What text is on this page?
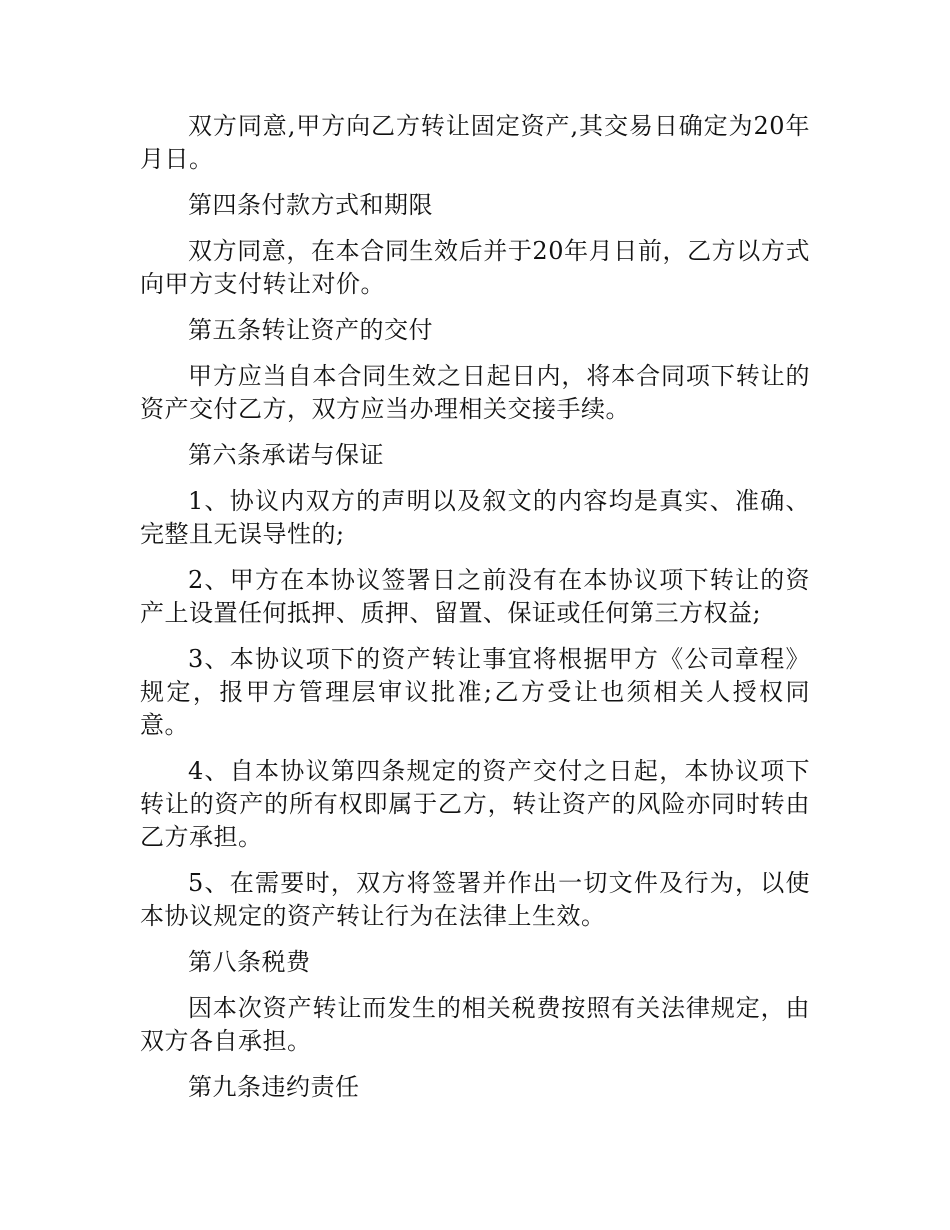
双方同意,甲方向乙方转让固定资产,其交易日确定为20年月日。

第四条付款方式和期限

双方同意，在本合同生效后并于20年月日前，乙方以方式向甲方支付转让对价。

第五条转让资产的交付

甲方应当自本合同生效之日起日内，将本合同项下转让的资产交付乙方，双方应当办理相关交接手续。

第六条承诺与保证

1、协议内双方的声明以及叙文的内容均是真实、准确、完整且无误导性的;

2、甲方在本协议签署日之前没有在本协议项下转让的资产上设置任何抵押、质押、留置、保证或任何第三方权益;

3、本协议项下的资产转让事宜将根据甲方《公司章程》规定，报甲方管理层审议批准;乙方受让也须相关人授权同意。

4、自本协议第四条规定的资产交付之日起，本协议项下转让的资产的所有权即属于乙方，转让资产的风险亦同时转由乙方承担。

5、在需要时，双方将签署并作出一切文件及行为，以使本协议规定的资产转让行为在法律上生效。

第八条税费

因本次资产转让而发生的相关税费按照有关法律规定，由双方各自承担。

第九条违约责任
